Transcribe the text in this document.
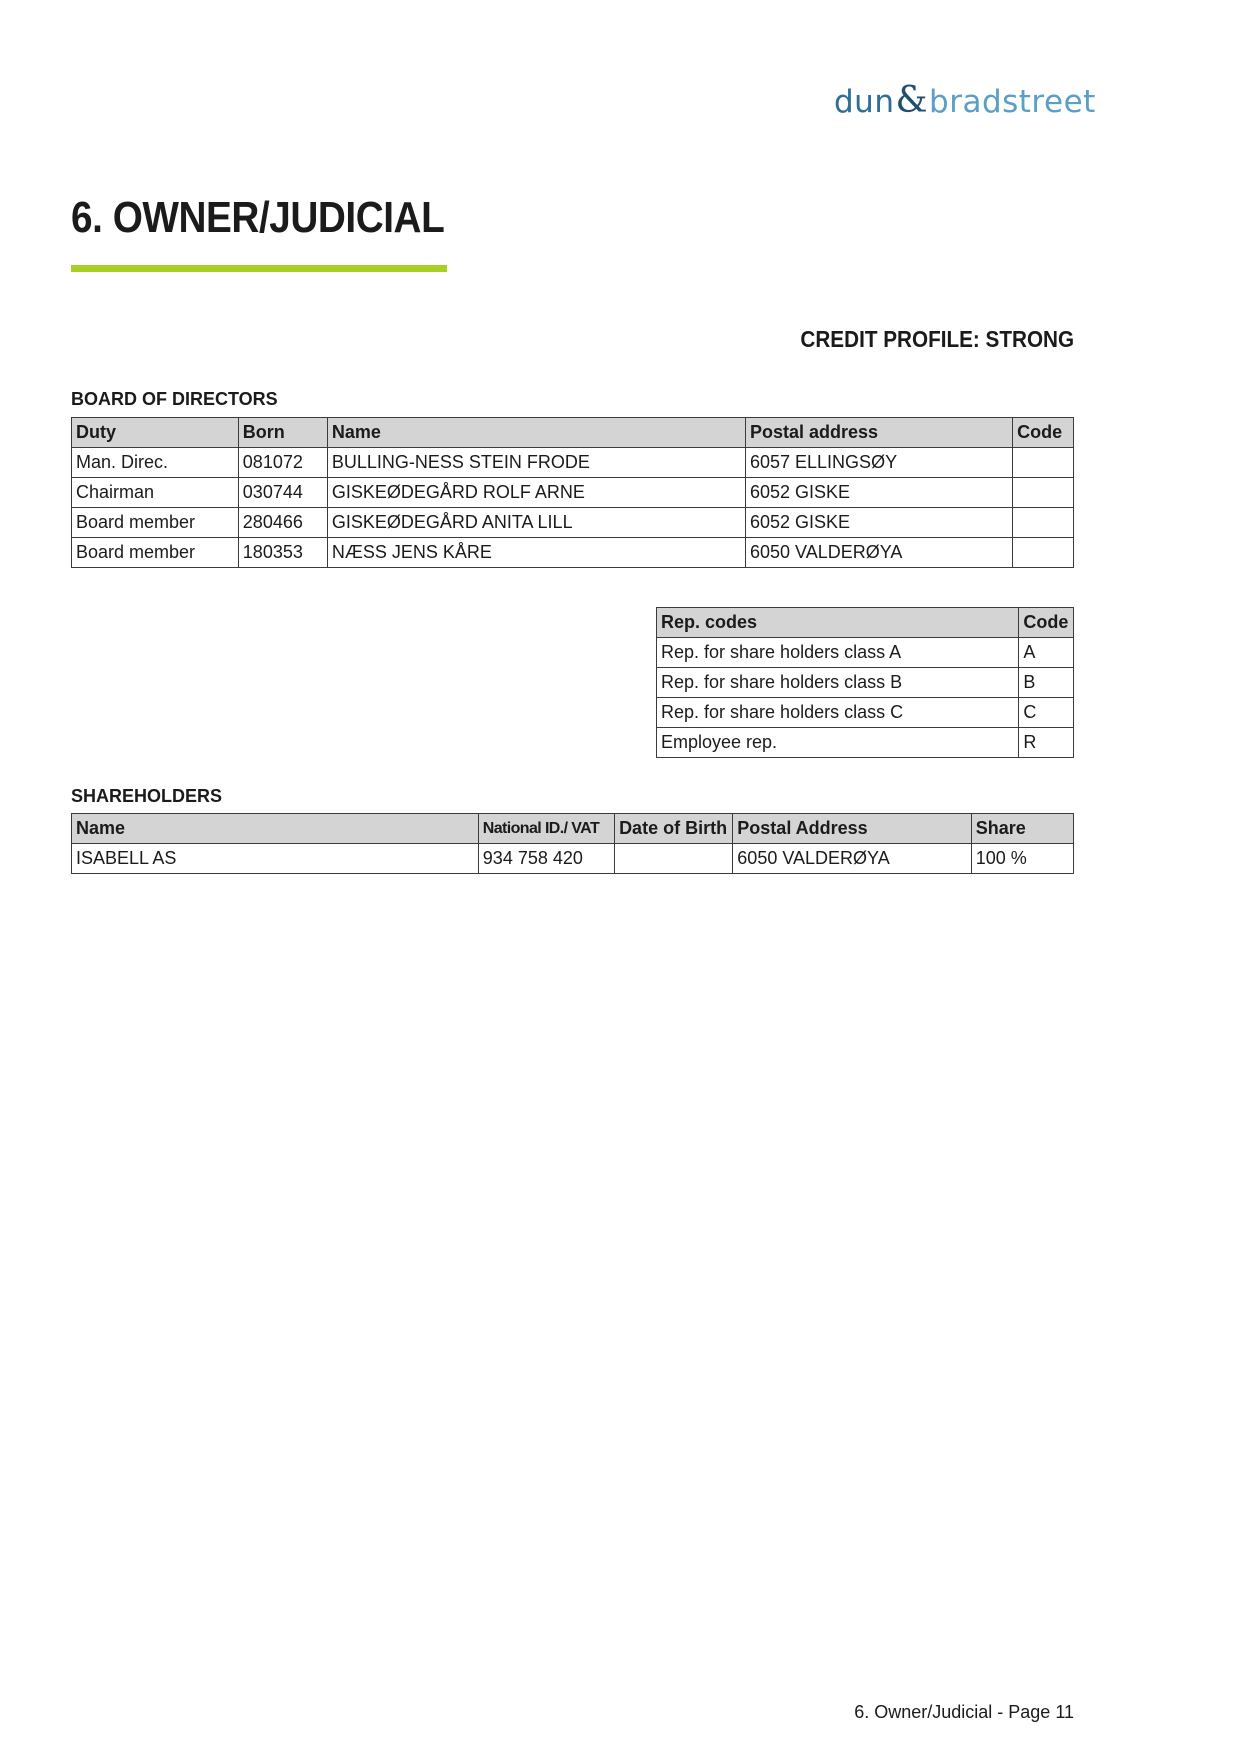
dun&bradstreet
6. OWNER/JUDICIAL
CREDIT PROFILE: STRONG
BOARD OF DIRECTORS
Duty	Born	Name	Postal address	Code
Man. Direc.	081072	BULLING-NESS STEIN FRODE	6057 ELLINGSØY	
Chairman	030744	GISKEØDEGÅRD ROLF ARNE	6052 GISKE	
Board member	280466	GISKEØDEGÅRD ANITA LILL	6052 GISKE	
Board member	180353	NÆSS JENS KÅRE	6050 VALDERØYA	
Rep. codes	Code
Rep. for share holders class A	A
Rep. for share holders class B	B
Rep. for share holders class C	C
Employee rep.	R
SHAREHOLDERS
Name	National ID./ VAT	Date of Birth	Postal Address	Share
ISABELL AS	934 758 420		6050 VALDERØYA	100 %
6. Owner/Judicial - Page 11
